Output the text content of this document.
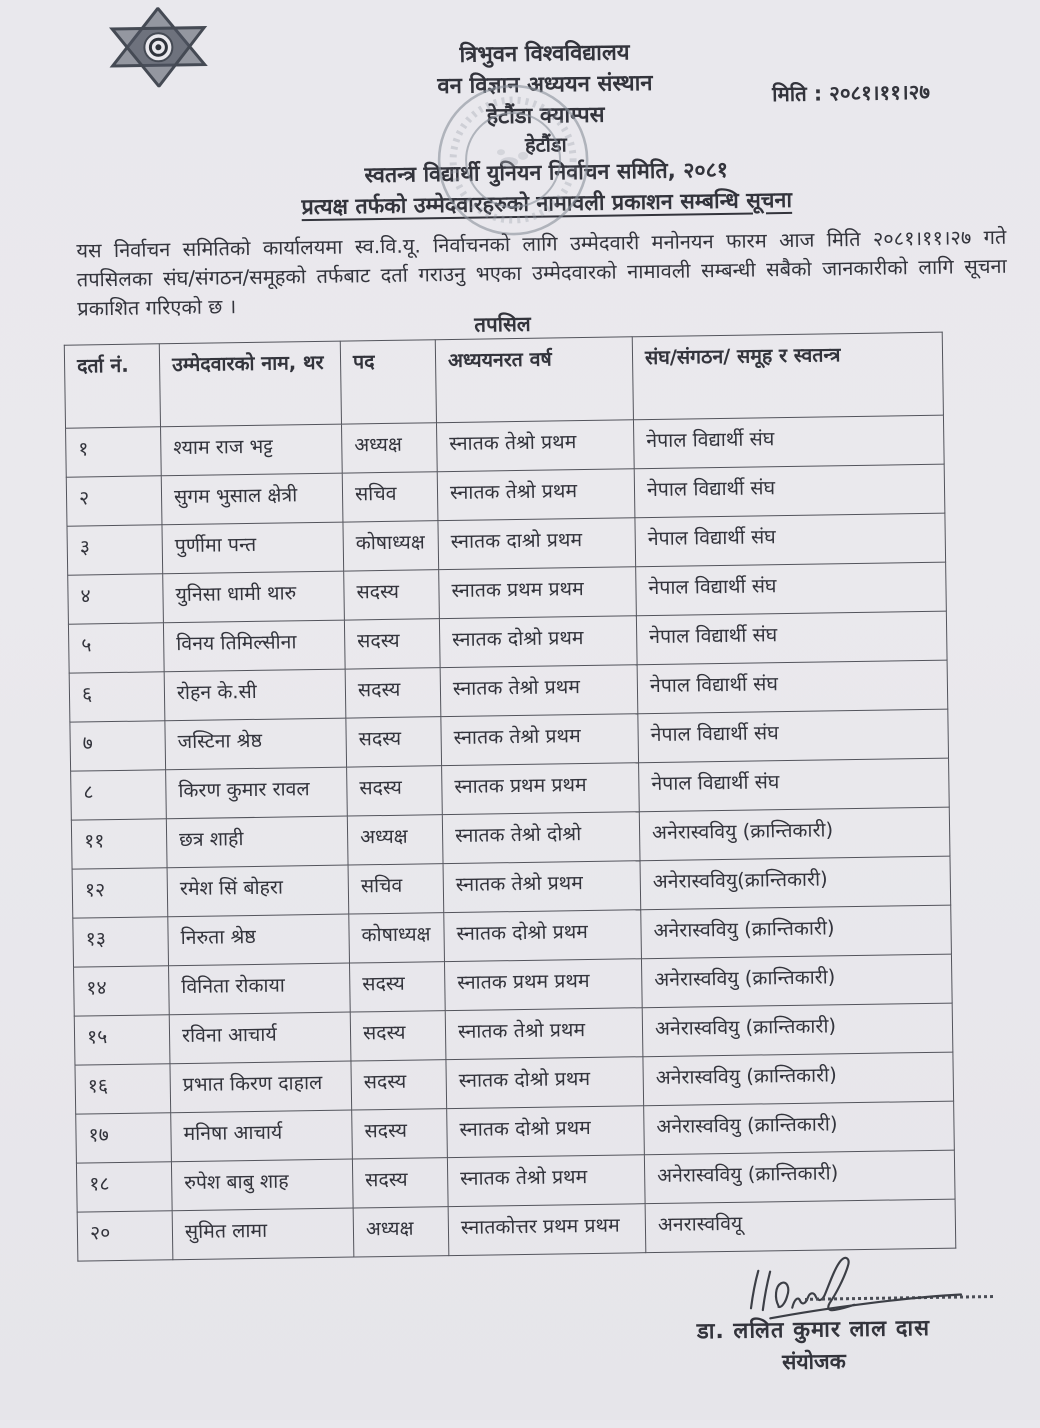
त्रिभुवन विश्वविद्यालय
वन विज्ञान अध्ययन संस्थान
हेटौंडा क्याम्पस
हेटौंडा
स्वतन्त्र विद्यार्थी युनियन निर्वाचन समिति, २०८१
प्रत्यक्ष तर्फको उम्मेदवारहरुको नामावली प्रकाशन सम्बन्धि सूचना
मिति : २०८१।११।२७

यस निर्वाचन समितिको कार्यालयमा स्व.वि.यू. निर्वाचनको लागि उम्मेदवारी मनोनयन फारम आज मिति २०८१।११।२७ गते तपसिलका संघ/संगठन/समूहको तर्फबाट दर्ता गराउनु भएका उम्मेदवारको नामावली सम्बन्धी सबैको जानकारीको लागि सूचना प्रकाशित गरिएको छ ।

तपसिल
दर्ता नं.	उम्मेदवारको नाम, थर	पद	अध्ययनरत वर्ष	संघ/संगठन/ समूह र स्वतन्त्र
१	श्याम राज भट्ट	अध्यक्ष	स्नातक तेश्रो प्रथम	नेपाल विद्यार्थी संघ
२	सुगम भुसाल क्षेत्री	सचिव	स्नातक तेश्रो प्रथम	नेपाल विद्यार्थी संघ
३	पुर्णीमा पन्त	कोषाध्यक्ष	स्नातक दाश्रो प्रथम	नेपाल विद्यार्थी संघ
४	युनिसा धामी थारु	सदस्य	स्नातक प्रथम प्रथम	नेपाल विद्यार्थी संघ
५	विनय तिमिल्सीना	सदस्य	स्नातक दोश्रो प्रथम	नेपाल विद्यार्थी संघ
६	रोहन के.सी	सदस्य	स्नातक तेश्रो प्रथम	नेपाल विद्यार्थी संघ
७	जस्टिना श्रेष्ठ	सदस्य	स्नातक तेश्रो प्रथम	नेपाल विद्यार्थी संघ
८	किरण कुमार रावल	सदस्य	स्नातक प्रथम प्रथम	नेपाल विद्यार्थी संघ
११	छत्र शाही	अध्यक्ष	स्नातक तेश्रो दोश्रो	अनेरास्ववियु (क्रान्तिकारी)
१२	रमेश सिं बोहरा	सचिव	स्नातक तेश्रो प्रथम	अनेरास्ववियु(क्रान्तिकारी)
१३	निरुता श्रेष्ठ	कोषाध्यक्ष	स्नातक दोश्रो प्रथम	अनेरास्ववियु (क्रान्तिकारी)
१४	विनिता रोकाया	सदस्य	स्नातक प्रथम प्रथम	अनेरास्ववियु (क्रान्तिकारी)
१५	रविना आचार्य	सदस्य	स्नातक तेश्रो प्रथम	अनेरास्ववियु (क्रान्तिकारी)
१६	प्रभात किरण दाहाल	सदस्य	स्नातक दोश्रो प्रथम	अनेरास्ववियु (क्रान्तिकारी)
१७	मनिषा आचार्य	सदस्य	स्नातक दोश्रो प्रथम	अनेरास्ववियु (क्रान्तिकारी)
१८	रुपेश बाबु शाह	सदस्य	स्नातक तेश्रो प्रथम	अनेरास्ववियु (क्रान्तिकारी)
२०	सुमित लामा	अध्यक्ष	स्नातकोत्तर प्रथम प्रथम	अनरास्ववियू
डा. ललित कुमार लाल दास
संयोजक
